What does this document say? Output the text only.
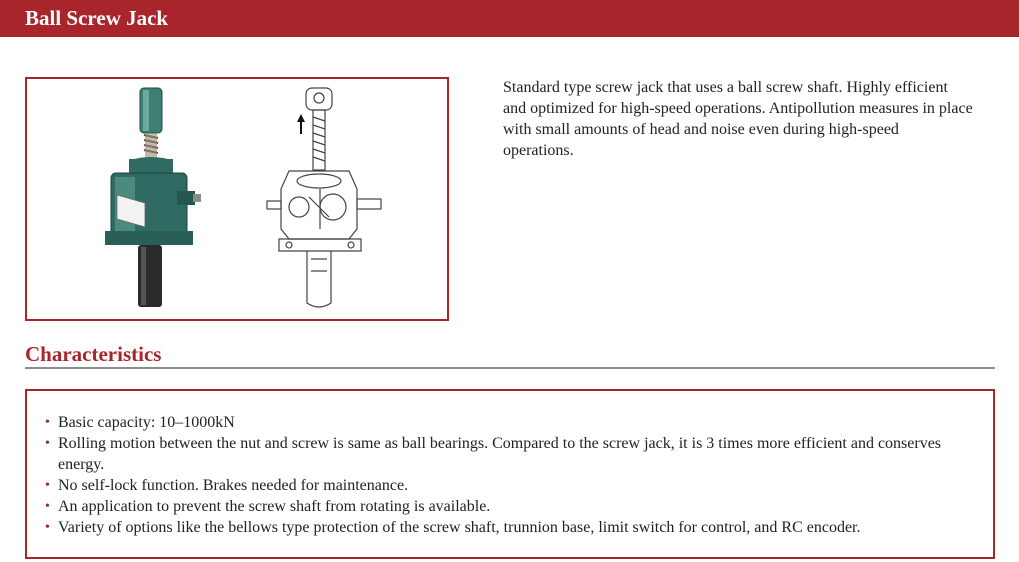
Ball Screw Jack

Standard type screw jack that uses a ball screw shaft. Highly efficient and optimized for high-speed operations. Antipollution measures in place with small amounts of head and noise even during high-speed operations.

Characteristics
• Basic capacity: 10–1000kN
• Rolling motion between the nut and screw is same as ball bearings. Compared to the screw jack, it is 3 times more efficient and conserves energy.
• No self-lock function. Brakes needed for maintenance.
• An application to prevent the screw shaft from rotating is available.
• Variety of options like the bellows type protection of the screw shaft, trunnion base, limit switch for control, and RC encoder.
